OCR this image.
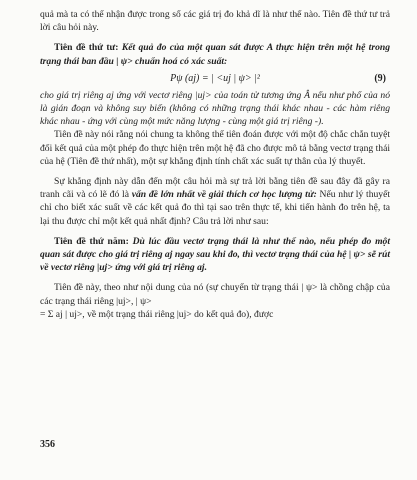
quả mà ta có thể nhận được trong số các giá trị đo khả dĩ là như thế nào. Tiên đề thứ tư trả lời câu hỏi này.

Tiên đề thứ tư: Kết quả đo của một quan sát được A thực hiện trên một hệ trong trạng thái ban đầu | ψ> chuẩn hoá có xác suất:

Pψ (aj) = | <uj | ψ> |²	(9)

cho giá trị riêng aj ứng với vectơ riêng |uj> của toán tử tương ứng Â nếu như phổ của nó là gián đoạn và không suy biến (không có những trạng thái khác nhau - các hàm riêng khác nhau - ứng với cùng một mức năng lượng - cùng một giá trị riêng -).

Tiên đề này nói rằng nói chung ta không thể tiên đoán được với một độ chắc chắn tuyệt đối kết quả của một phép đo thực hiện trên một hệ đã cho được mô tả bằng vectơ trạng thái của hệ (Tiên đề thứ nhất), một sự khẳng định tính chất xác suất tự thân của lý thuyết.

Sự khẳng định này dẫn đến một câu hỏi mà sự trả lời bằng tiên đề sau đây đã gây ra tranh cãi và có lẽ đó là vấn đề lớn nhất về giải thích cơ học lượng tử: Nếu như lý thuyết chỉ cho biết xác suất về các kết quả đo thì tại sao trên thực tế, khi tiến hành đo trên hệ, ta lại thu được chỉ một kết quả nhất định? Câu trả lời như sau:

Tiên đề thứ năm: Dù lúc đầu vectơ trạng thái là như thế nào, nếu phép đo một quan sát được cho giá trị riêng aj ngay sau khi đo, thì vectơ trạng thái của hệ | ψ> sẽ rút về vectơ riêng |uj> ứng với giá trị riêng aj.

Tiên đề này, theo như nội dung của nó (sự chuyển từ trạng thái | ψ> là chồng chập của các trạng thái riêng |uj>, | ψ>

= Σ aj | uj>, về một trạng thái riêng |uj> do kết quả đo), được

356
